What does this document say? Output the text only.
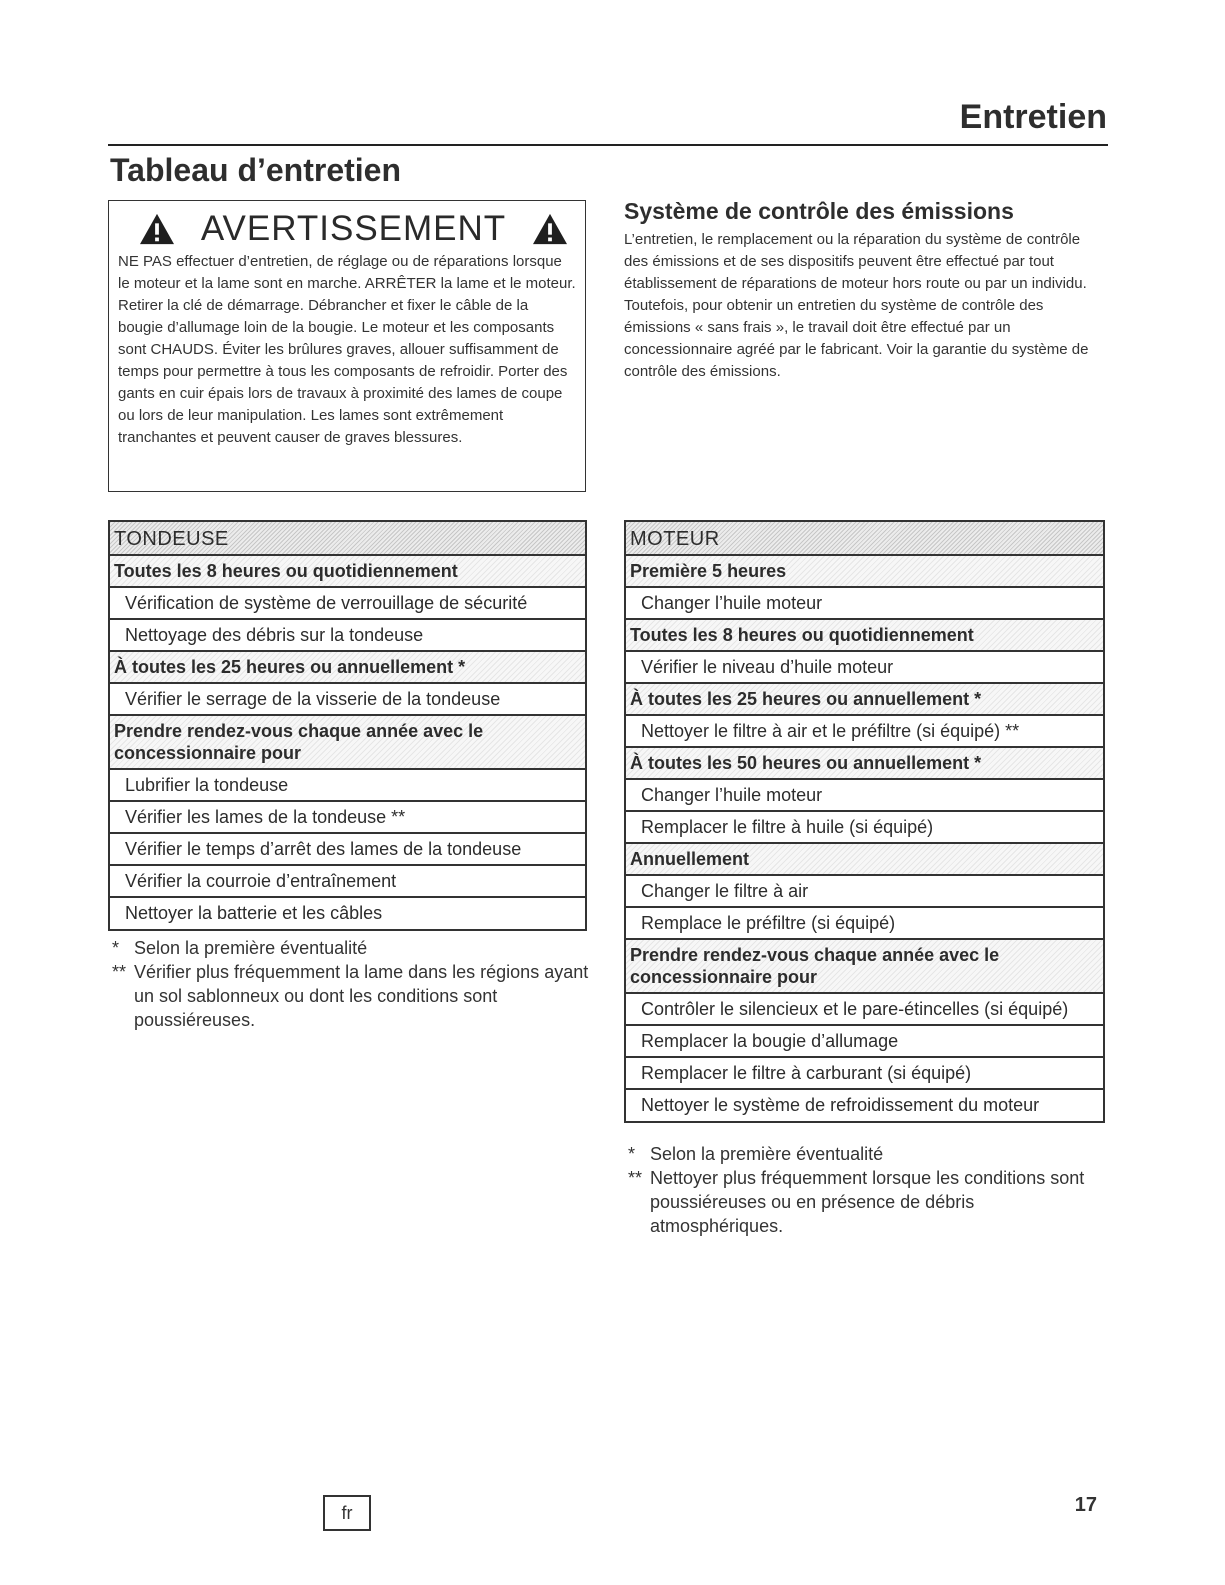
Entretien
Tableau d’entretien
AVERTISSEMENT

NE PAS effectuer d’entretien, de réglage ou de réparations lorsque le moteur et la lame sont en marche. ARRÊTER la lame et le moteur. Retirer la clé de démarrage. Débrancher et fixer le câble de la bougie d’allumage loin de la bougie. Le moteur et les composants sont CHAUDS. Éviter les brûlures graves, allouer suffisamment de temps pour permettre à tous les composants de refroidir. Porter des gants en cuir épais lors de travaux à proximité des lames de coupe ou lors de leur manipulation. Les lames sont extrêmement tranchantes et peuvent causer de graves blessures.

Système de contrôle des émissions

L’entretien, le remplacement ou la réparation du système de contrôle des émissions et de ses dispositifs peuvent être effectué par tout établissement de réparations de moteur hors route ou par un individu. Toutefois, pour obtenir un entretien du système de contrôle des émissions « sans frais », le travail doit être effectué par un concessionnaire agréé par le fabricant. Voir la garantie du système de contrôle des émissions.

TONDEUSE
Toutes les 8 heures ou quotidiennement
Vérification de système de verrouillage de sécurité
Nettoyage des débris sur la tondeuse
À toutes les 25 heures ou annuellement *
Vérifier le serrage de la visserie de la tondeuse
Prendre rendez-vous chaque année avec le concessionnaire pour
Lubrifier la tondeuse
Vérifier les lames de la tondeuse **
Vérifier le temps d’arrêt des lames de la tondeuse
Vérifier la courroie d’entraînement
Nettoyer la batterie et les câbles
MOTEUR
Première 5 heures
Changer l’huile moteur
Toutes les 8 heures ou quotidiennement
Vérifier le niveau d’huile moteur
À toutes les 25 heures ou annuellement *
Nettoyer le filtre à air et le préfiltre (si équipé) **
À toutes les 50 heures ou annuellement *
Changer l’huile moteur
Remplacer le filtre à huile (si équipé)
Annuellement
Changer le filtre à air
Remplace le préfiltre (si équipé)
Prendre rendez-vous chaque année avec le concessionnaire pour
Contrôler le silencieux et le pare-étincelles (si équipé)
Remplacer la bougie d’allumage
Remplacer le filtre à carburant (si équipé)
Nettoyer le système de refroidissement du moteur
* Selon la première éventualité
** Vérifier plus fréquemment la lame dans les régions ayant un sol sablonneux ou dont les conditions sont poussiéreuses.
* Selon la première éventualité
** Nettoyer plus fréquemment lorsque les conditions sont poussiéreuses ou en présence de débris atmosphériques.
fr	17
